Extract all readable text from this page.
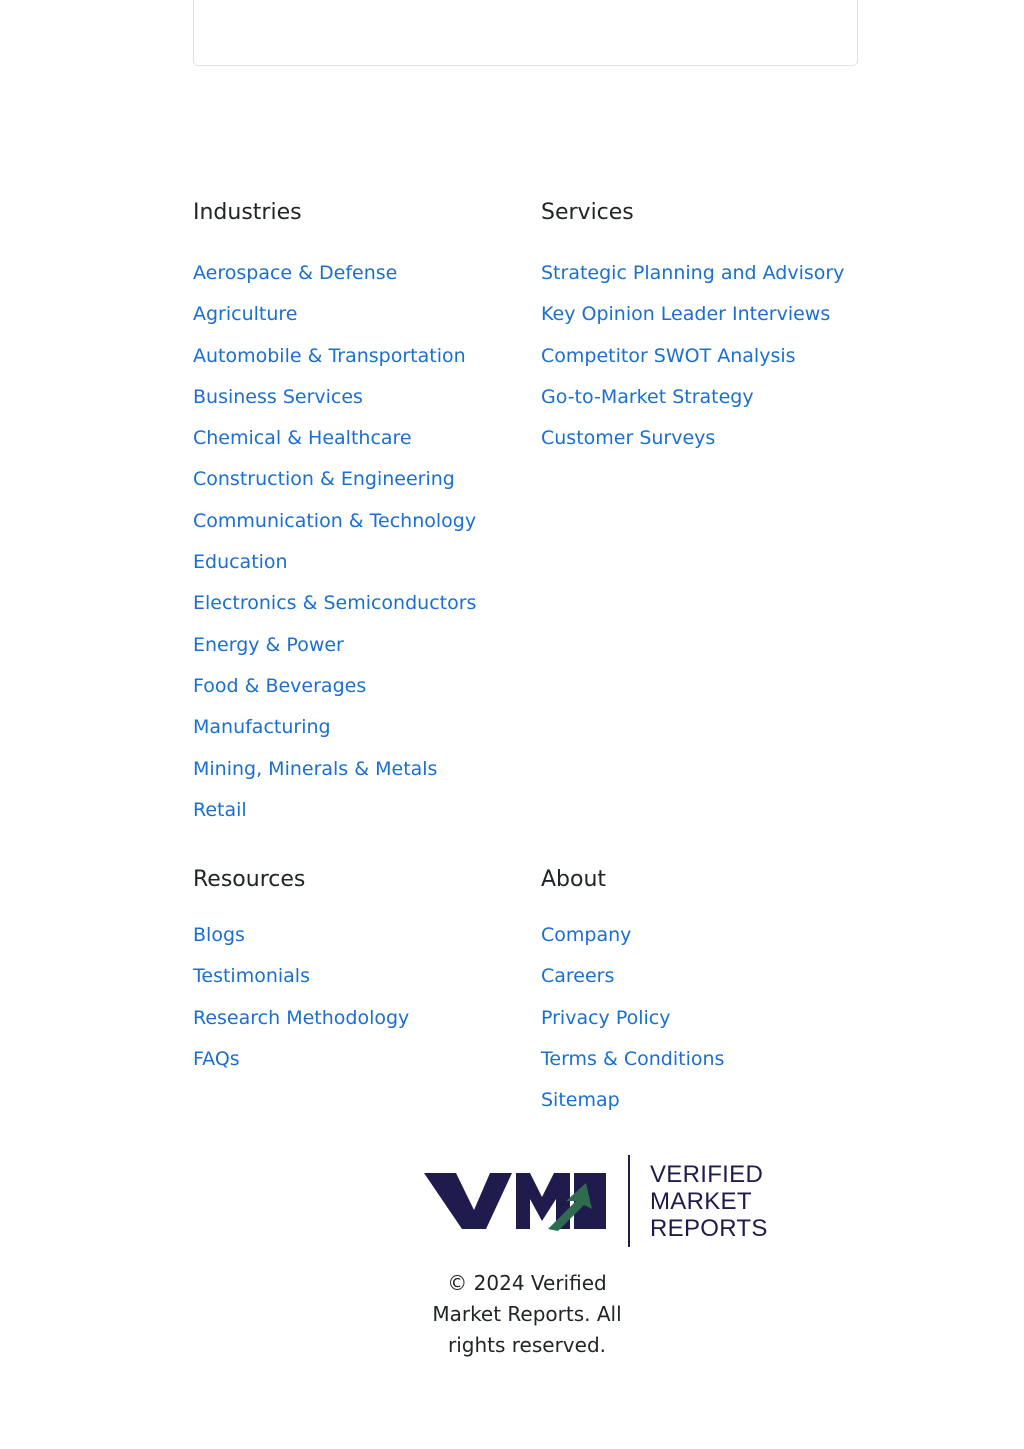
Industries
Aerospace & Defense
Agriculture
Automobile & Transportation
Business Services
Chemical & Healthcare
Construction & Engineering
Communication & Technology
Education
Electronics & Semiconductors
Energy & Power
Food & Beverages
Manufacturing
Mining, Minerals & Metals
Retail
Services
Strategic Planning and Advisory
Key Opinion Leader Interviews
Competitor SWOT Analysis
Go-to-Market Strategy
Customer Surveys
Resources
Blogs
Testimonials
Research Methodology
FAQs
About
Company
Careers
Privacy Policy
Terms & Conditions
Sitemap
VERIFIED
MARKET
REPORTS
© 2024 Verified Market Reports. All rights reserved.
